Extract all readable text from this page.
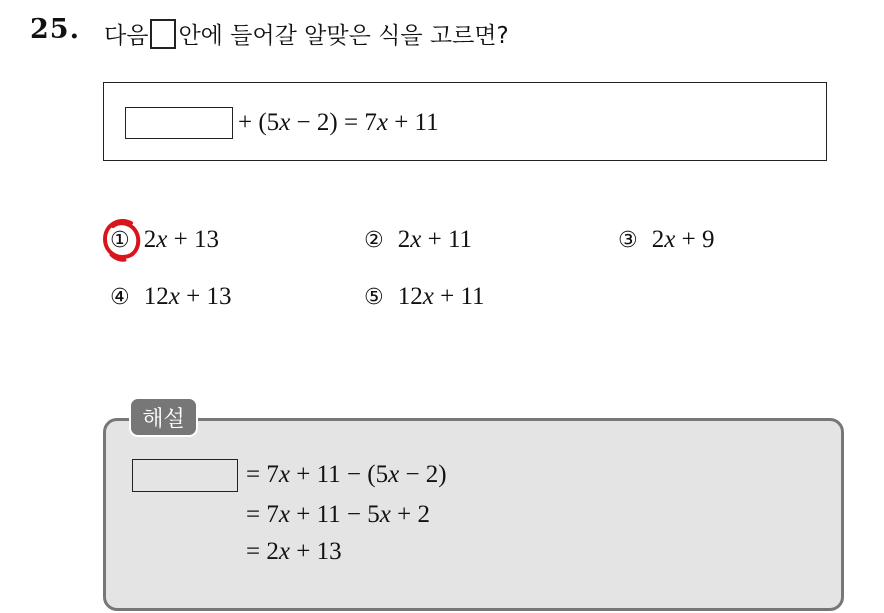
25. 다음 안에 들어갈 알맞은 식을 고르면?
+ (5x − 2) = 7x + 11
① 2x + 13	② 2x + 11	③ 2x + 9
④ 12x + 13	⑤ 12x + 11
= 7x + 11 − (5x − 2)
= 7x + 11 − 5x + 2
= 2x + 13
해설
